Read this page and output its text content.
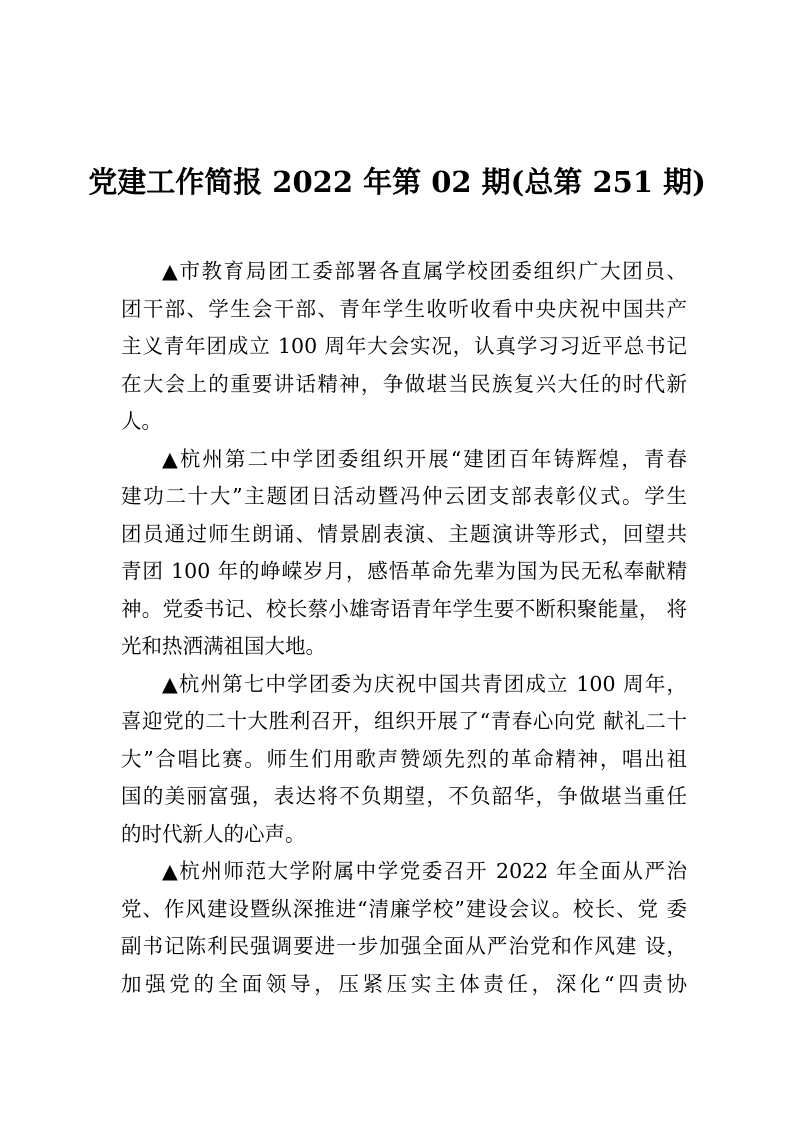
党建工作简报 2022 年第 02 期(总第 251 期)
▲市教育局团工委部署各直属学校团委组织广大团员、
团干部、学生会干部、青年学生收听收看中央庆祝中国共产
主义青年团成立 100 周年大会实况，认真学习习近平总书记
在大会上的重要讲话精神，争做堪当民族复兴大任的时代新
人。
▲杭州第二中学团委组织开展“建团百年铸辉煌，青春
建功二十大”主题团日活动暨冯仲云团支部表彰仪式。学生
团员通过师生朗诵、情景剧表演、主题演讲等形式，回望共
青团 100 年的峥嵘岁月，感悟革命先辈为国为民无私奉献精
神。党委书记、校长蔡小雄寄语青年学生要不断积聚能量， 将
光和热洒满祖国大地。
▲杭州第七中学团委为庆祝中国共青团成立 100 周年，
喜迎党的二十大胜利召开，组织开展了“青春心向党 献礼二十
大”合唱比赛。师生们用歌声赞颂先烈的革命精神，唱出祖
国的美丽富强，表达将不负期望，不负韶华，争做堪当重任
的时代新人的心声。
▲杭州师范大学附属中学党委召开 2022 年全面从严治
党、作风建设暨纵深推进“清廉学校”建设会议。校长、党 委
副书记陈利民强调要进一步加强全面从严治党和作风建 设，
加强党的全面领导，压紧压实主体责任，深化“四责协
